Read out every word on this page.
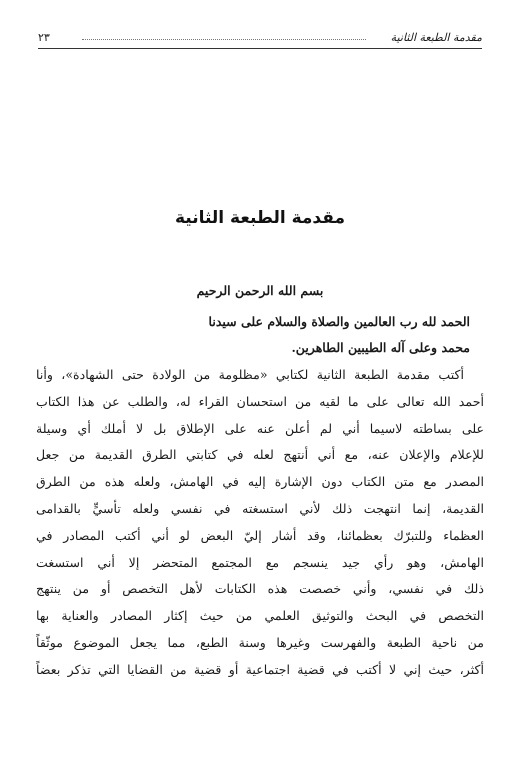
مقدمة الطبعة الثانية
٢٣
مقدمة الطبعة الثانية
بسم الله الرحمن الرحيم
الحمد لله رب العالمين والصلاة والسلام على سيدنا
محمد وعلى آله الطيبين الطاهرين.
أكتب مقدمة الطبعة الثانية لكتابي «مظلومة من الولادة حتى الشهادة»، وأنا
أحمد الله تعالى على ما لقيه من استحسان القراء له، والطلب عن هذا الكتاب
على بساطته لاسيما أني لم أعلن عنه على الإطلاق بل لا أملك أي وسيلة
للإعلام والإعلان عنه، مع أني أنتهج لعله في كتابتي الطرق القديمة من جعل
المصدر مع متن الكتاب دون الإشارة إليه في الهامش، ولعله هذه من الطرق
القديمة، إنما انتهجت ذلك لأني استسغته في نفسي ولعله تأسيٍّ بالقدامى
العظماء وللتبرّك بعظمائنا، وقد أشار إليّ البعض لو أني أكتب المصادر في
الهامش، وهو رأي جيد ينسجم مع المجتمع المتحضر إلا أني استسغت
ذلك في نفسي، وأني خصصت هذه الكتابات لأهل التخصص أو من ينتهج
التخصص في البحث والتوثيق العلمي من حيث إكثار المصادر والعناية بها
من ناحية الطبعة والفهرست وغيرها وسنة الطبع، مما يجعل الموضوع موثّقاً
أكثر، حيث إني لا أكتب في قضية اجتماعية أو قضية من القضايا التي تذكر بعضاً
